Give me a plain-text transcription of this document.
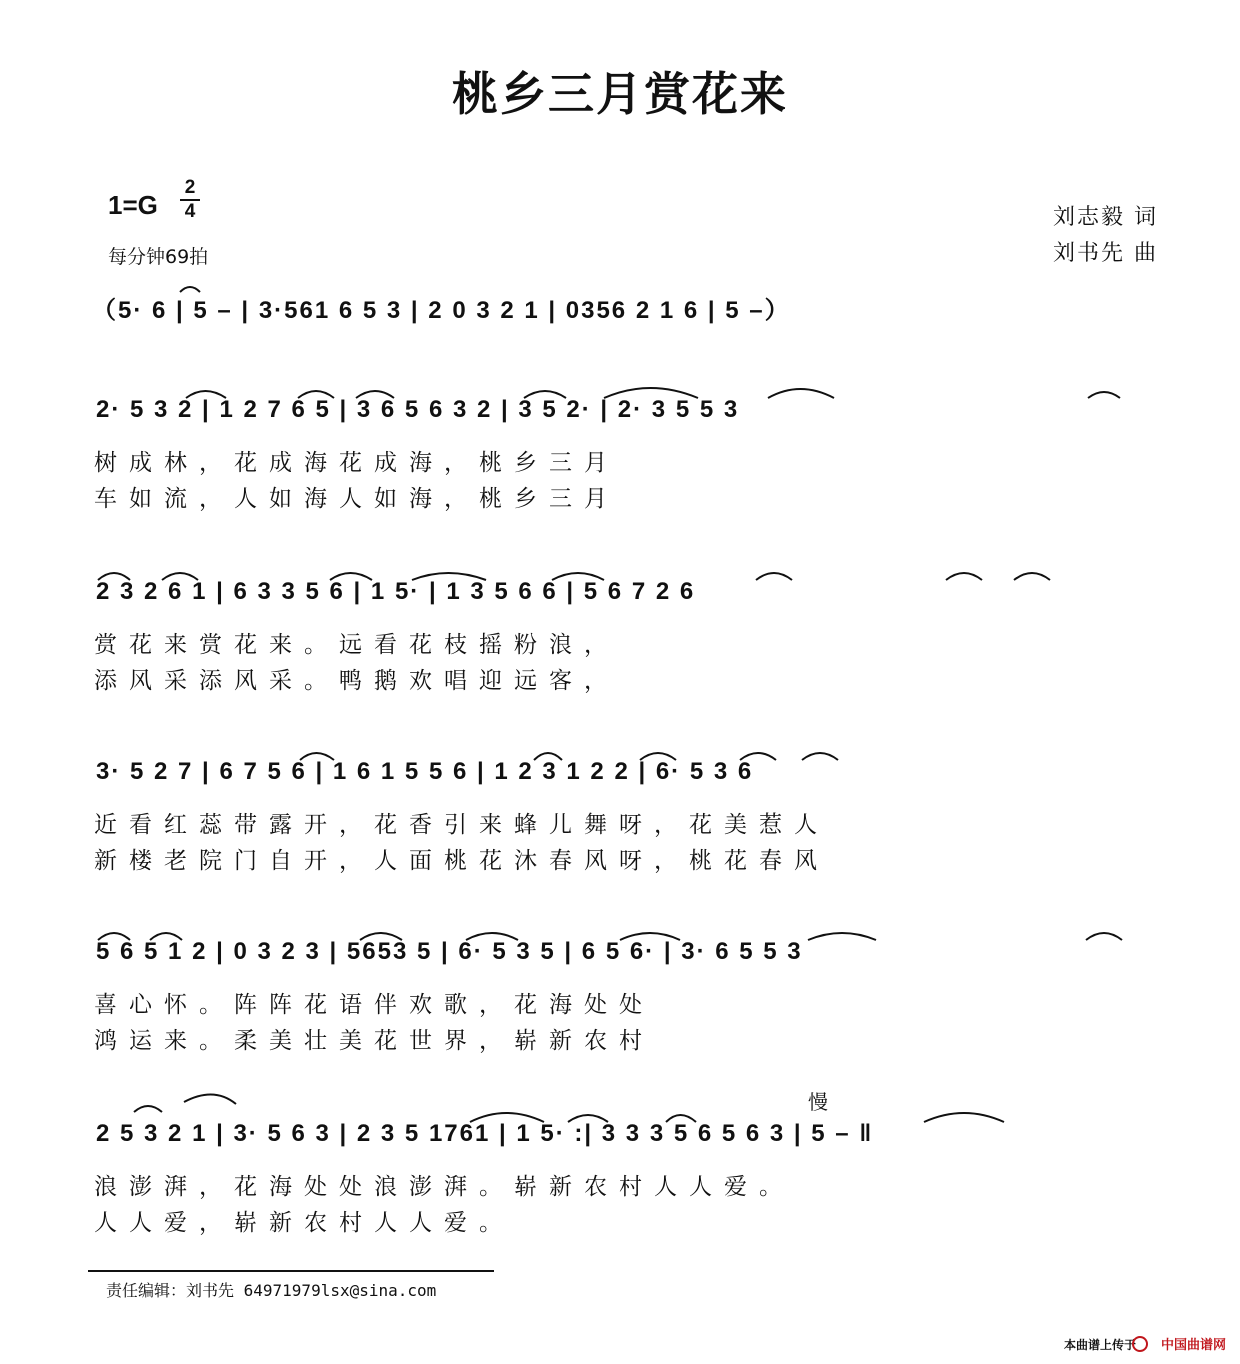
桃乡三月赏花来
1=G
2
4
每分钟69拍
刘志毅 词
刘书先 曲
（5· 6 | 5 – | 3·561 6 5 3 | 2 0 3 2 1 | 0356 2 1 6 | 5 –）
2· 5 3 2 | 1 2 7 6 5 | 3 6 5 6 3 2 | 3 5 2· | 2· 3 5 5 3
树成林，花成海花成海，桃乡三月
车如流，人如海人如海，桃乡三月
2 3 2 6 1 | 6 3 3 5 6 | 1 5· | 1 3 5 6 6 | 5 6 7 2 6
赏花来赏花来。远看花枝摇粉浪，
添风采添风采。鸭鹅欢唱迎远客，
3· 5 2 7 | 6 7 5 6 | 1 6 1 5 5 6 | 1 2 3 1 2 2 | 6· 5 3 6
近看红蕊带露开，花香引来蜂儿舞呀，花美惹人
新楼老院门自开，人面桃花沐春风呀，桃花春风
5 6 5 1 2 | 0 3 2 3 | 5653 5 | 6· 5 3 5 | 6 5 6· | 3· 6 5 5 3
喜心怀。阵阵花语伴欢歌，花海处处
鸿运来。柔美壮美花世界，崭新农村
慢
2 5 3 2 1 | 3· 5 6 3 | 2 3 5 1761 | 1 5· :| 3 3 3 5 6 5 6 3 | 5 – ‖
浪澎湃，花海处处浪澎湃。崭新农村人人爱。
人人爱，崭新农村人人爱。
责任编辑：刘书先 64971979lsx@sina.com
本曲谱上传于 中国曲谱网
